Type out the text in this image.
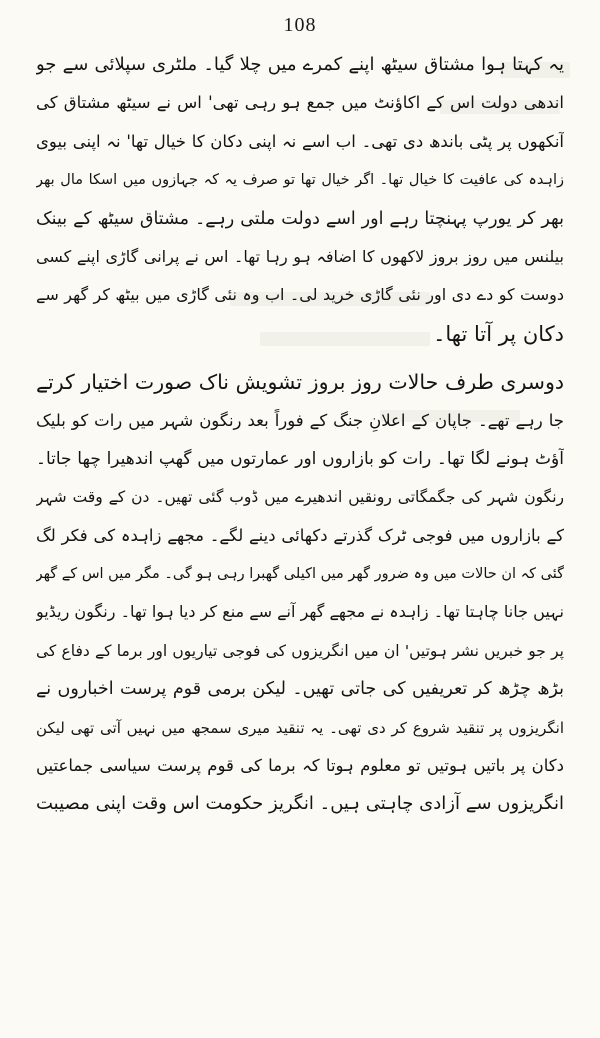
108
یہ کہتا ہوا مشتاق سیٹھ اپنے کمرے میں چلا گیا۔ ملٹری سپلائی سے جو
اندھی دولت اس کے اکاؤنٹ میں جمع ہو رہی تھی' اس نے سیٹھ مشتاق کی
آنکھوں پر پٹی باندھ دی تھی۔ اب اسے نہ اپنی دکان کا خیال تھا' نہ اپنی بیوی
زاہدہ کی عافیت کا خیال تھا۔ اگر خیال تھا تو صرف یہ کہ جہازوں میں اسکا مال بھر
بھر کر یورپ پہنچتا رہے اور اسے دولت ملتی رہے۔ مشتاق سیٹھ کے بینک
بیلنس میں روز بروز لاکھوں کا اضافہ ہو رہا تھا۔ اس نے پرانی گاڑی اپنے کسی
دوست کو دے دی اور نئی گاڑی خرید لی۔ اب وہ نئی گاڑی میں بیٹھ کر گھر سے
دکان پر آتا تھا۔
دوسری طرف حالات روز بروز تشویش ناک صورت اختیار کرتے
جا رہے تھے۔ جاپان کے اعلانِ جنگ کے فوراً بعد رنگون شہر میں رات کو بلیک
آؤٹ ہونے لگا تھا۔ رات کو بازاروں اور عمارتوں میں گھپ اندھیرا چھا جاتا۔
رنگون شہر کی جگمگاتی رونقیں اندھیرے میں ڈوب گئی تھیں۔ دن کے وقت شہر
کے بازاروں میں فوجی ٹرک گذرتے دکھائی دینے لگے۔ مجھے زاہدہ کی فکر لگ
گئی کہ ان حالات میں وہ ضرور گھر میں اکیلی گھبرا رہی ہو گی۔ مگر میں اس کے گھر
نہیں جانا چاہتا تھا۔ زاہدہ نے مجھے گھر آنے سے منع کر دیا ہوا تھا۔ رنگون ریڈیو
پر جو خبریں نشر ہوتیں' ان میں انگریزوں کی فوجی تیاریوں اور برما کے دفاع کی
بڑھ چڑھ کر تعریفیں کی جاتی تھیں۔ لیکن برمی قوم پرست اخباروں نے
انگریزوں پر تنقید شروع کر دی تھی۔ یہ تنقید میری سمجھ میں نہیں آتی تھی لیکن
دکان پر باتیں ہوتیں تو معلوم ہوتا کہ برما کی قوم پرست سیاسی جماعتیں
انگریزوں سے آزادی چاہتی ہیں۔ انگریز حکومت اس وقت اپنی مصیبت
